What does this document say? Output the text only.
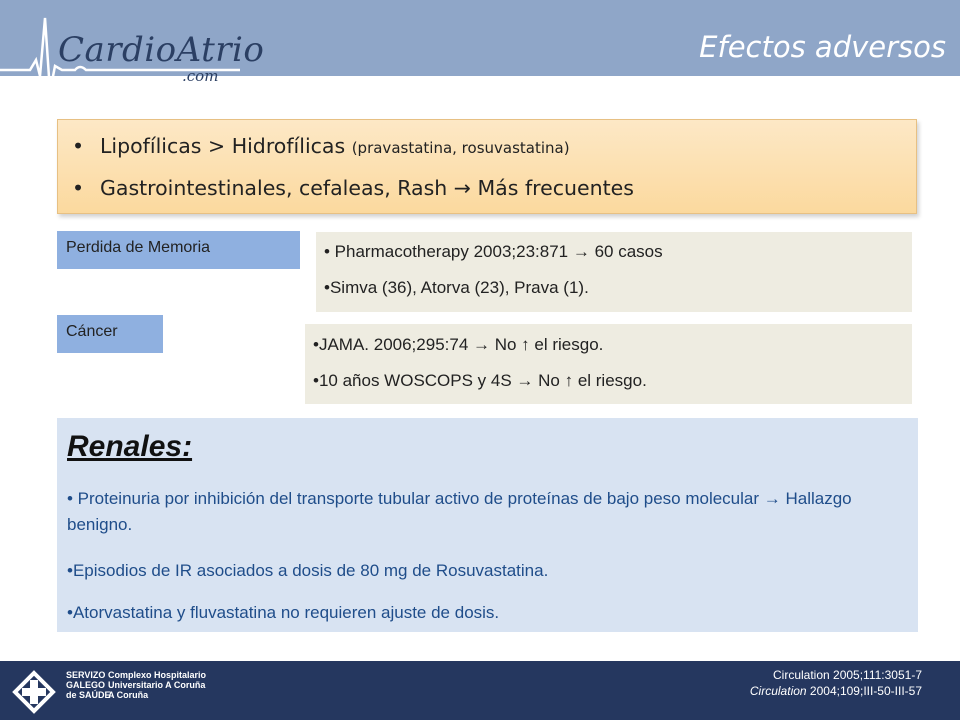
CardioAtrio
.com
Efectos adversos
• Lipofílicas > Hidrofílicas (pravastatina, rosuvastatina)
• Gastrointestinales, cefaleas, Rash → Más frecuentes
Perdida de Memoria	• Pharmacotherapy 2003;23:871 → 60 casos
•Simva (36), Atorva (23), Prava (1).
Cáncer
•JAMA. 2006;295:74 → No ↑ el riesgo.
•10 años WOSCOPS y 4S → No ↑ el riesgo.
Renales:
• Proteinuria por inhibición del transporte tubular activo de proteínas de bajo peso molecular → Hallazgo benigno.
•Episodios de IR asociados a dosis de 80 mg de Rosuvastatina.
•Atorvastatina y fluvastatina no requieren ajuste de dosis.
SERVIZO
GALEGO
de SAÚDE
Complexo Hospitalario
Universitario A Coruña
A Coruña
Circulation 2005;111:3051-7
Circulation 2004;109;III-50-III-57
